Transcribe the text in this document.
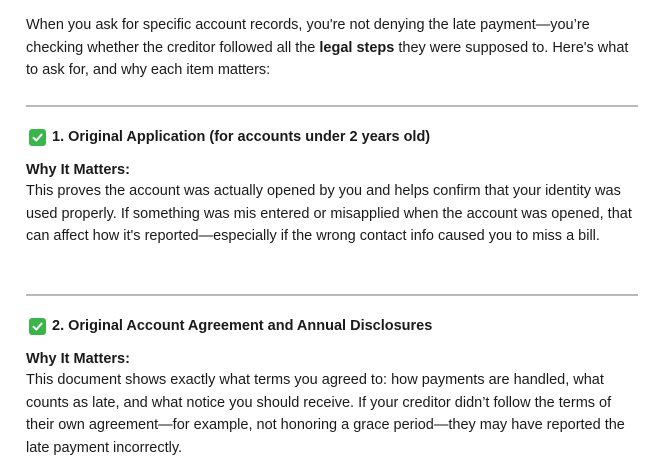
When you ask for specific account records, you're not denying the late payment—you’re checking whether the creditor followed all the legal steps they were supposed to. Here's what to ask for, and why each item matters:

1. Original Application (for accounts under 2 years old)
Why It Matters:

This proves the account was actually opened by you and helps confirm that your identity was used properly. If something was mis entered or misapplied when the account was opened, that can affect how it's reported—especially if the wrong contact info caused you to miss a bill.

2. Original Account Agreement and Annual Disclosures
Why It Matters:

This document shows exactly what terms you agreed to: how payments are handled, what counts as late, and what notice you should receive. If your creditor didn’t follow the terms of their own agreement—for example, not honoring a grace period—they may have reported the late payment incorrectly.
